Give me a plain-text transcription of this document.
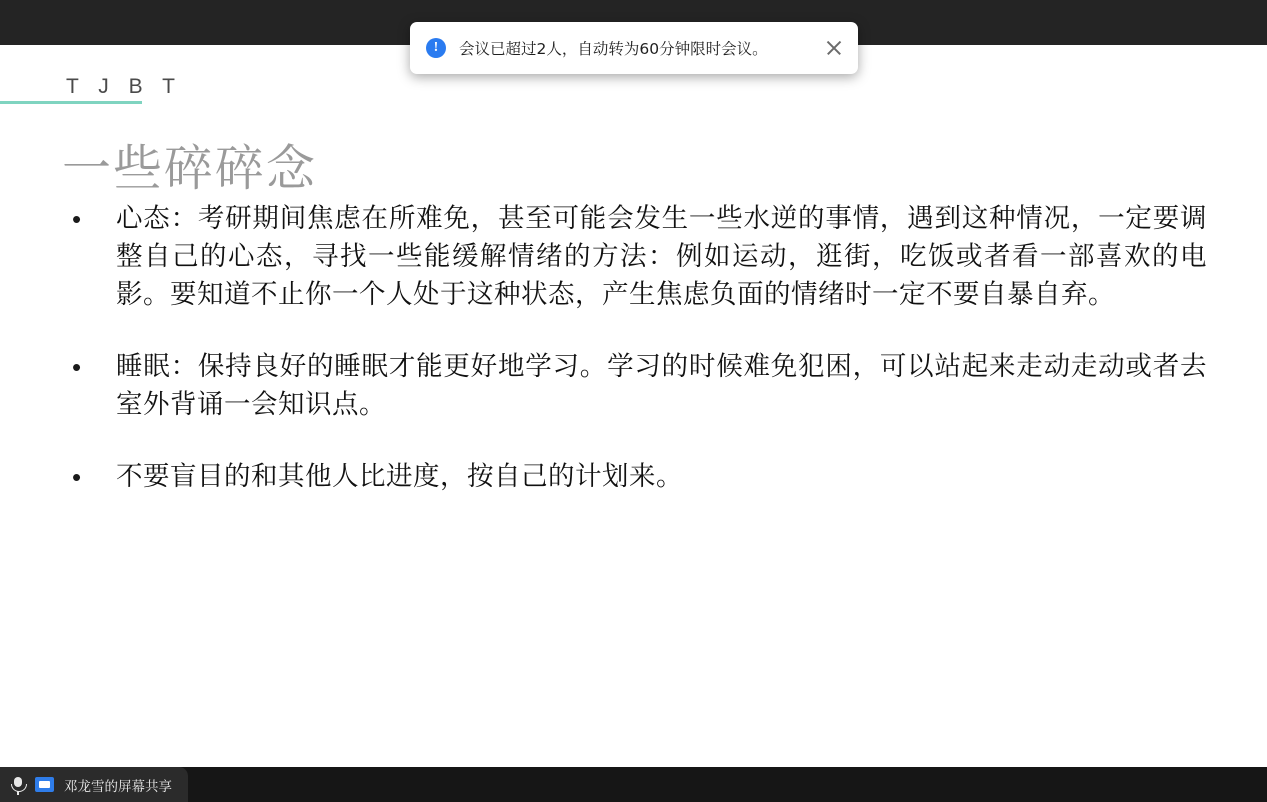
T J B T
一些碎碎念
•	心态：考研期间焦虑在所难免，甚至可能会发生一些水逆的事情，遇到这种情况，一定要调整自己的心态，寻找一些能缓解情绪的方法：例如运动，逛街，吃饭或者看一部喜欢的电影。要知道不止你一个人处于这种状态，产生焦虑负面的情绪时一定不要自暴自弃。
•	睡眠：保持良好的睡眠才能更好地学习。学习的时候难免犯困，可以站起来走动走动或者去室外背诵一会知识点。
•	不要盲目的和其他人比进度，按自己的计划来。
!	会议已超过2人，自动转为60分钟限时会议。
邓龙雪的屏幕共享
